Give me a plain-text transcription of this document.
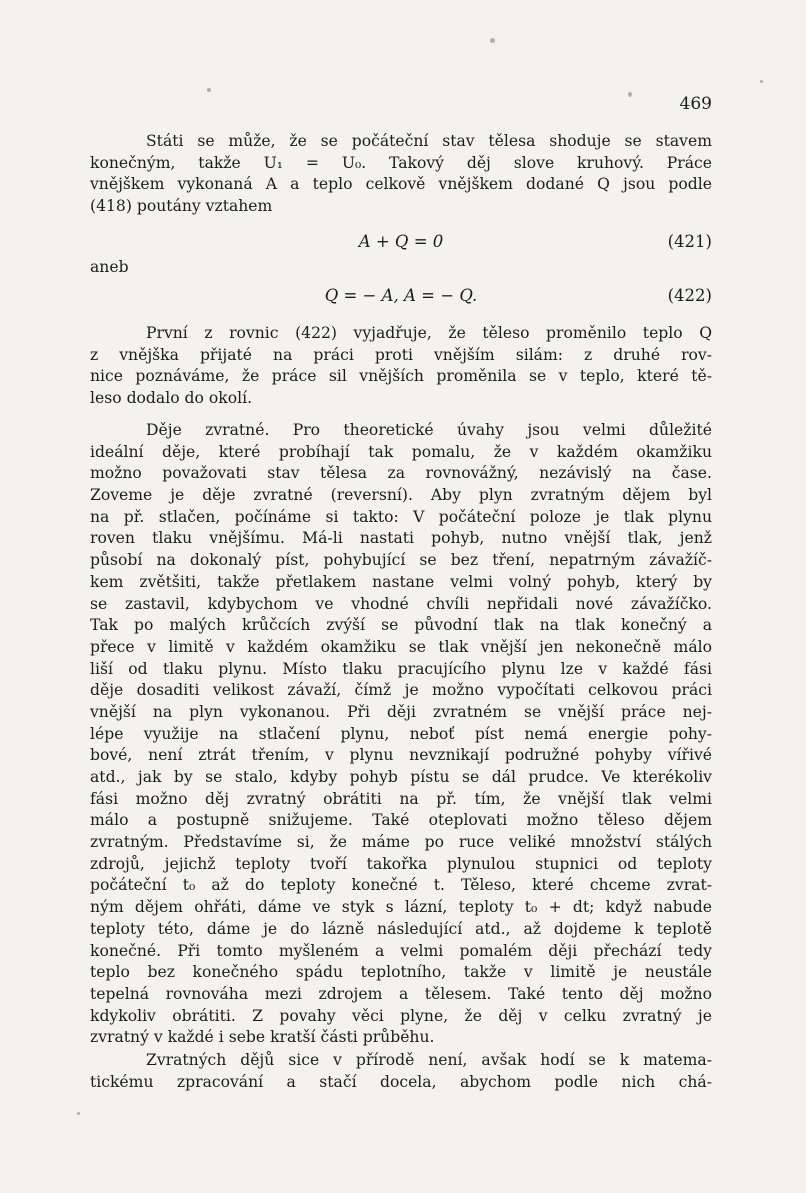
469
Státi se může, že se počáteční stav tělesa shoduje se stavem
konečným, takže U₁ = U₀. Takový děj slove kruhový. Práce
vnějškem vykonaná A a teplo celkově vnějškem dodané Q jsou podle
(418) poutány vztahem
A + Q = 0	(421)
aneb
Q = − A, A = − Q.	(422)
První z rovnic (422) vyjadřuje, že těleso proměnilo teplo Q
z vnějška přijaté na práci proti vnějším silám: z druhé rov-
nice poznáváme, že práce sil vnějších proměnila se v teplo, které tě-
leso dodalo do okolí.
Děje zvratné. Pro theoretické úvahy jsou velmi důležité
ideální děje, které probíhají tak pomalu, že v každém okamžiku
možno považovati stav tělesa za rovnovážný, nezávislý na čase.
Zoveme je děje zvratné (reversní). Aby plyn zvratným dějem byl
na př. stlačen, počínáme si takto: V počáteční poloze je tlak plynu
roven tlaku vnějšímu. Má-li nastati pohyb, nutno vnější tlak, jenž
působí na dokonalý píst, pohybující se bez tření, nepatrným závažíč-
kem zvětšiti, takže přetlakem nastane velmi volný pohyb, který by
se zastavil, kdybychom ve vhodné chvíli nepřidali nové závažíčko.
Tak po malých krůčcích zvýší se původní tlak na tlak konečný a
přece v limitě v každém okamžiku se tlak vnější jen nekonečně málo
liší od tlaku plynu. Místo tlaku pracujícího plynu lze v každé fási
děje dosaditi velikost závaží, čímž je možno vypočítati celkovou práci
vnější na plyn vykonanou. Při ději zvratném se vnější práce nej-
lépe využije na stlačení plynu, neboť píst nemá energie pohy-
bové, není ztrát třením, v plynu nevznikají podružné pohyby vířivé
atd., jak by se stalo, kdyby pohyb pístu se dál prudce. Ve kterékoliv
fási možno děj zvratný obrátiti na př. tím, že vnější tlak velmi
málo a postupně snižujeme. Také oteplovati možno těleso dějem
zvratným. Představíme si, že máme po ruce veliké množství stálých
zdrojů, jejichž teploty tvoří takořka plynulou stupnici od teploty
počáteční t₀ až do teploty konečné t. Těleso, které chceme zvrat-
ným dějem ohřáti, dáme ve styk s lázní, teploty t₀ + dt; když nabude
teploty této, dáme je do lázně následující atd., až dojdeme k teplotě
konečné. Při tomto myšleném a velmi pomalém ději přechází tedy
teplo bez konečného spádu teplotního, takže v limitě je neustále
tepelná rovnováha mezi zdrojem a tělesem. Také tento děj možno
kdykoliv obrátiti. Z povahy věci plyne, že děj v celku zvratný je
zvratný v každé i sebe kratší části průběhu.
Zvratných dějů sice v přírodě není, avšak hodí se k matema-
tickému zpracování a stačí docela, abychom podle nich chá-
